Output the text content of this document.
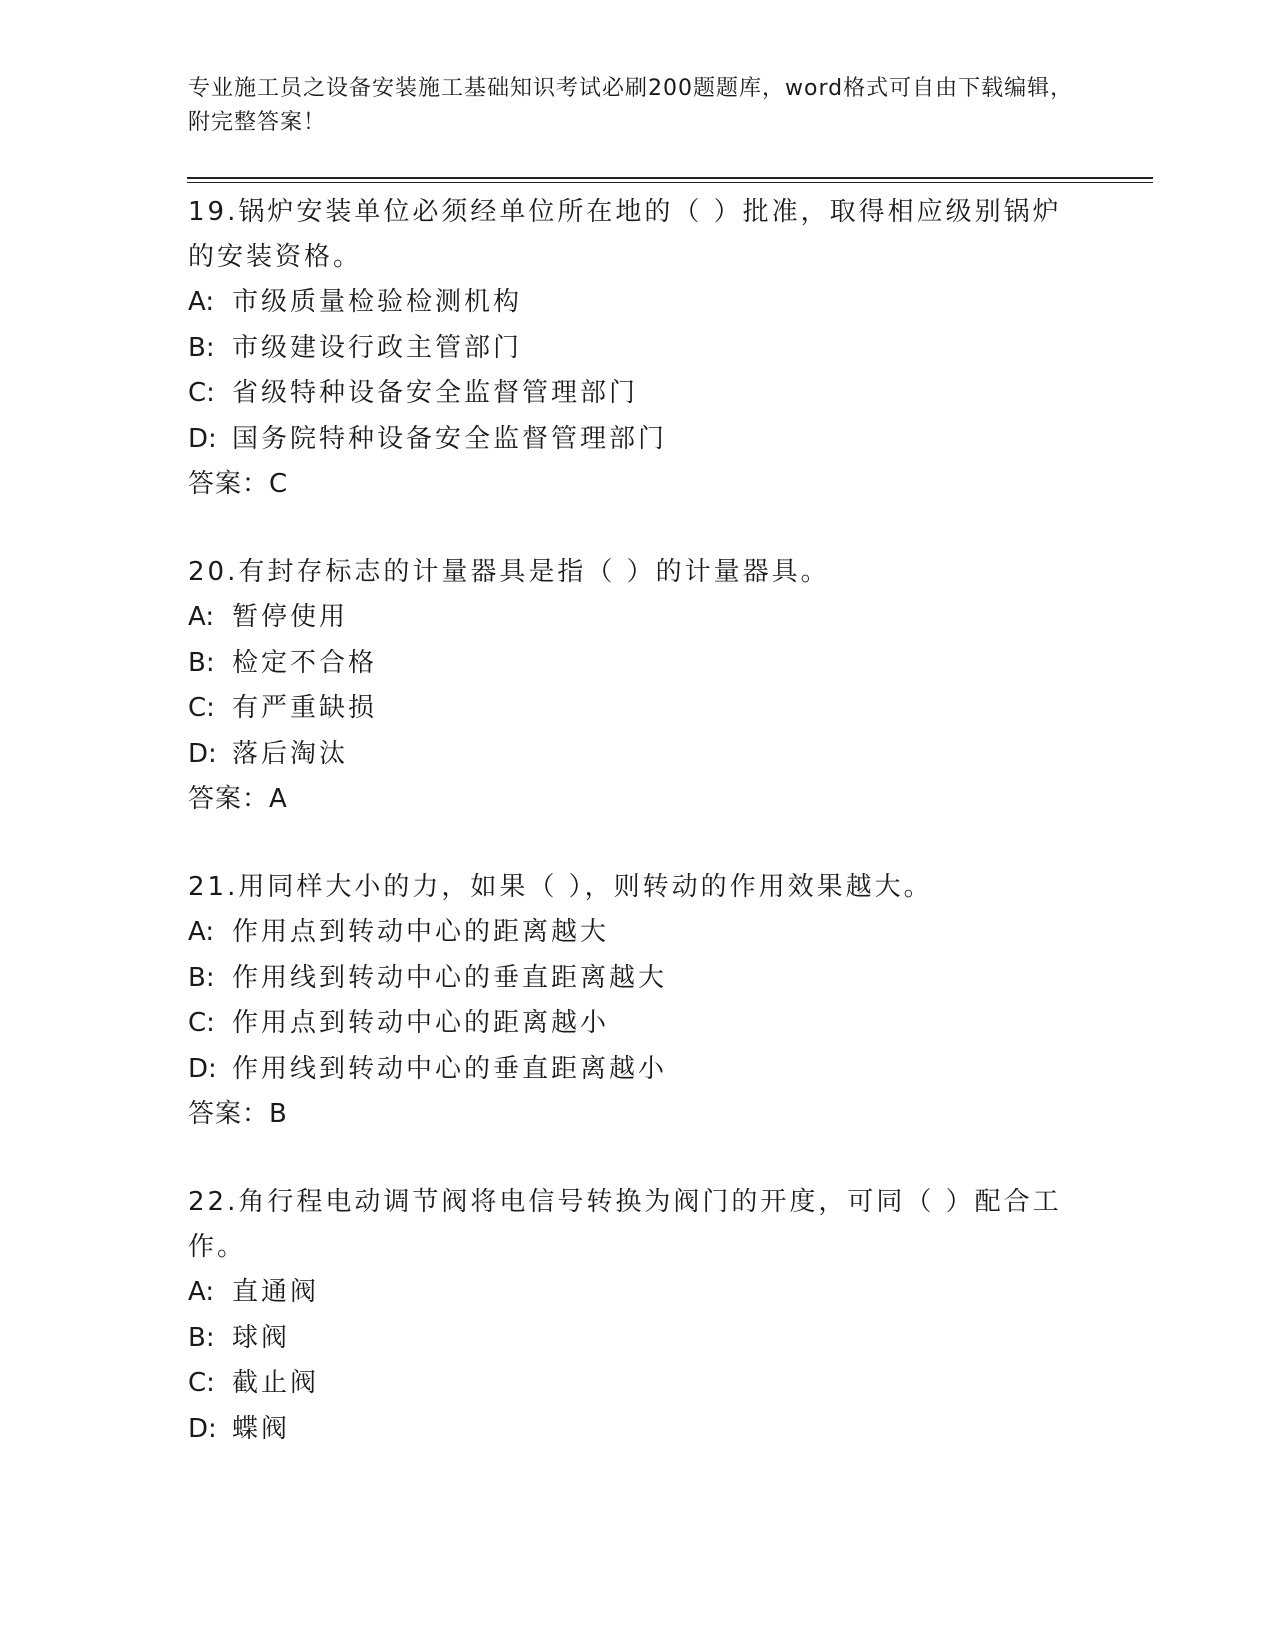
专业施工员之设备安装施工基础知识考试必刷200题题库，word格式可自由下载编辑，附完整答案！

19.锅炉安装单位必须经单位所在地的（ ）批准，取得相应级别锅炉的安装资格。

A: 市级质量检验检测机构

B: 市级建设行政主管部门

C: 省级特种设备安全监督管理部门

D: 国务院特种设备安全监督管理部门

答案：C

20.有封存标志的计量器具是指（ ）的计量器具。

A: 暂停使用

B: 检定不合格

C: 有严重缺损

D: 落后淘汰

答案：A

21.用同样大小的力，如果（ ），则转动的作用效果越大。

A: 作用点到转动中心的距离越大

B: 作用线到转动中心的垂直距离越大

C: 作用点到转动中心的距离越小

D: 作用线到转动中心的垂直距离越小

答案：B

22.角行程电动调节阀将电信号转换为阀门的开度，可同（ ）配合工作。

A: 直通阀

B: 球阀

C: 截止阀

D: 蝶阀
